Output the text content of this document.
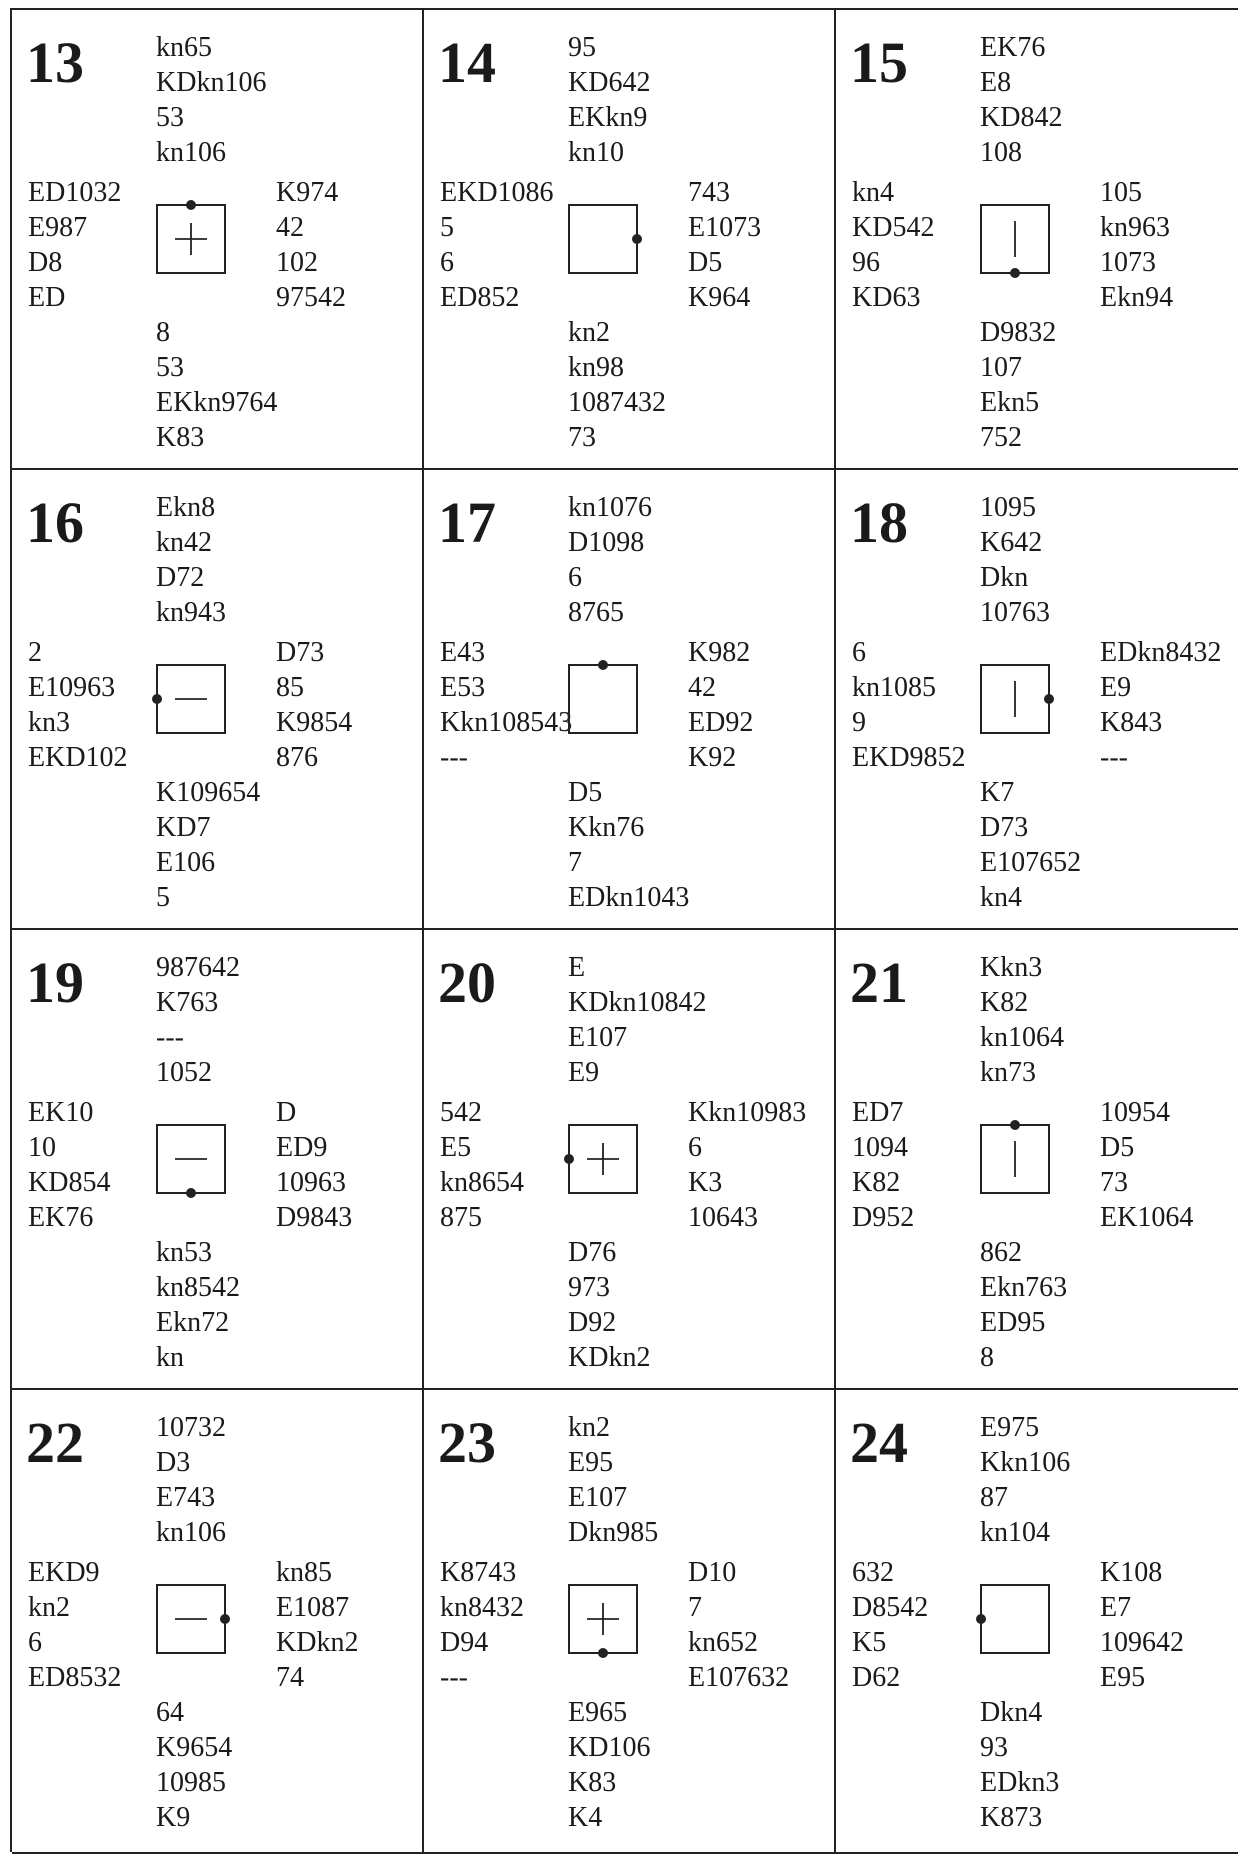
13	kn65
KDkn106
53
kn106
ED1032
E987
D8
ED
K974
42
102
97542
8
53
EKkn9764
K83
14	95
KD642
EKkn9
kn10
EKD1086
5
6
ED852
743
E1073
D5
K964
kn2
kn98
1087432
73
15	EK76
E8
KD842
108
kn4
KD542
96
KD63
105
kn963
1073
Ekn94
D9832
107
Ekn5
752
16	Ekn8
kn42
D72
kn943
2
E10963
kn3
EKD102
D73
85
K9854
876
K109654
KD7
E106
5
17	kn1076
D1098
6
8765
E43
E53
Kkn108543
---
K982
42
ED92
K92
D5
Kkn76
7
EDkn1043
18	1095
K642
Dkn
10763
6
kn1085
9
EKD9852
EDkn8432
E9
K843
---
K7
D73
E107652
kn4
19	987642
K763
---
1052
EK10
10
KD854
EK76
D
ED9
10963
D9843
kn53
kn8542
Ekn72
kn
20	E
KDkn10842
E107
E9
542
E5
kn8654
875
Kkn10983
6
K3
10643
D76
973
D92
KDkn2
21	Kkn3
K82
kn1064
kn73
ED7
1094
K82
D952
10954
D5
73
EK1064
862
Ekn763
ED95
8
22	10732
D3
E743
kn106
EKD9
kn2
6
ED8532
kn85
E1087
KDkn2
74
64
K9654
10985
K9
23	kn2
E95
E107
Dkn985
K8743
kn8432
D94
---
D10
7
kn652
E107632
E965
KD106
K83
K4
24	E975
Kkn106
87
kn104
632
D8542
K5
D62
K108
E7
109642
E95
Dkn4
93
EDkn3
K873
